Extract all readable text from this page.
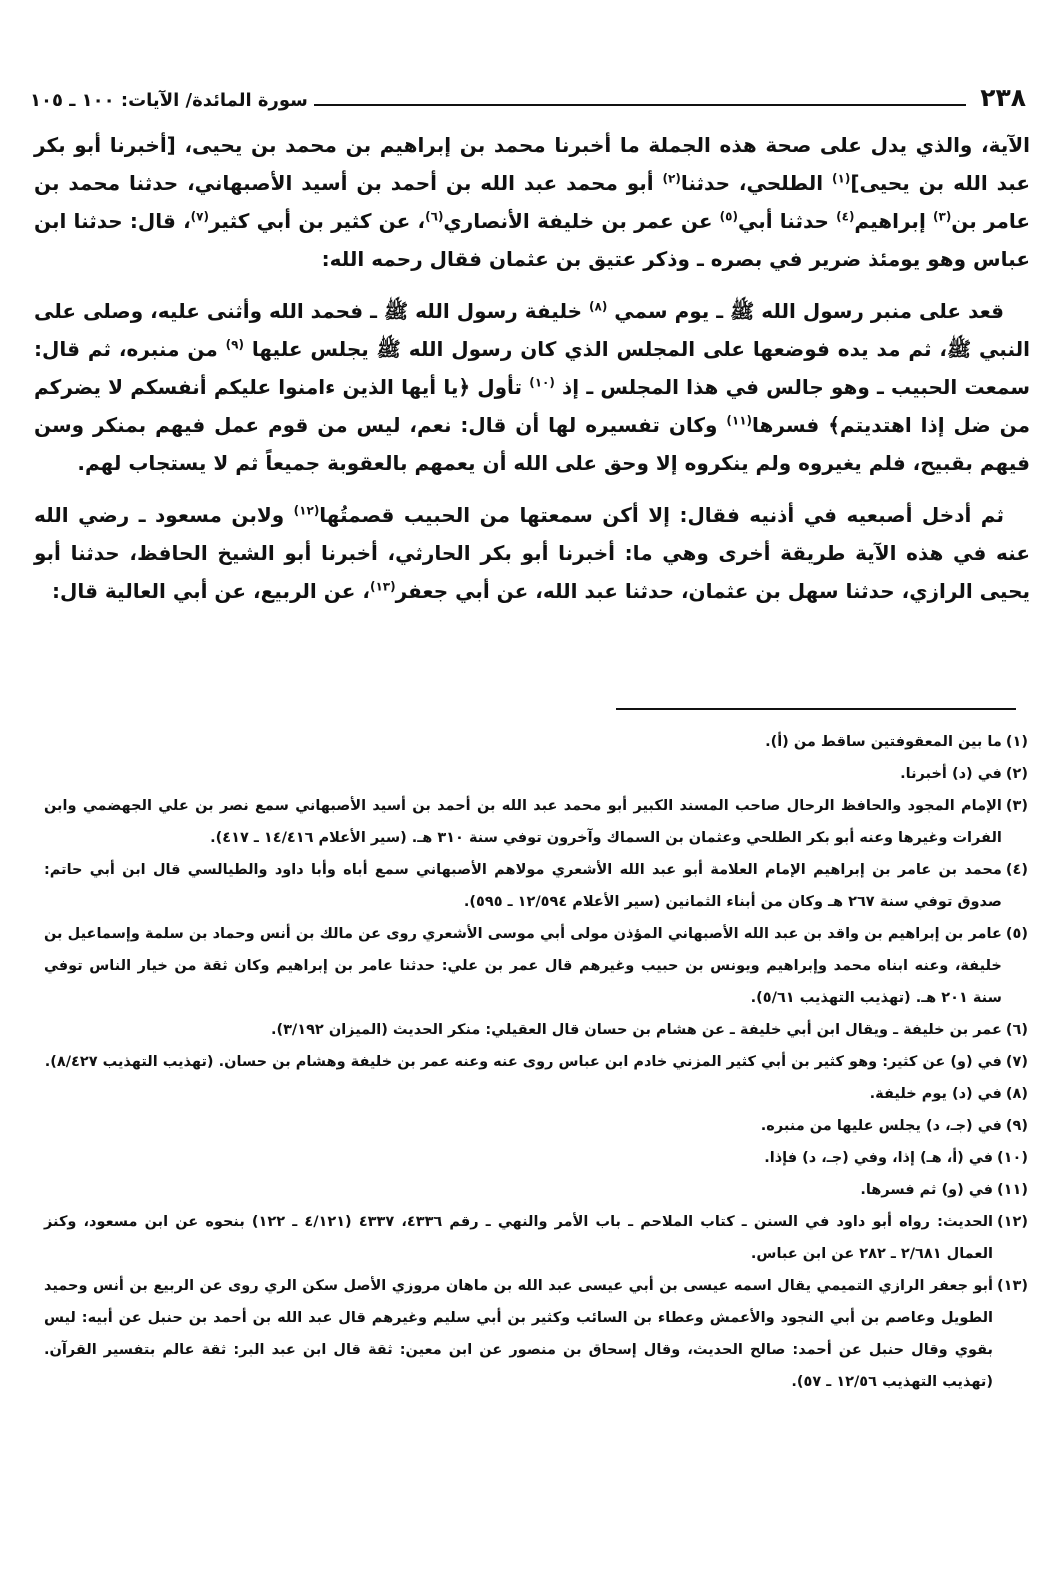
٢٣٨
سورة المائدة/ الآيات: ١٠٠ ـ ١٠٥

الآية، والذي يدل على صحة هذه الجملة ما أخبرنا محمد بن إبراهيم بن محمد بن يحيى، [أخبرنا أبو بكر عبد الله بن يحيى]$^{(١)}$ الطلحي، حدثنا$^{(٢)}$ أبو محمد عبد الله بن أحمد بن أسيد الأصبهاني، حدثنا محمد بن عامر بن$^{(٣)}$ إبراهيم$^{(٤)}$ حدثنا أبي$^{(٥)}$ عن عمر بن خليفة الأنصاري$^{(٦)}$، عن كثير بن أبي كثير$^{(٧)}$، قال: حدثنا ابن عباس وهو يومئذ ضرير في بصره ـ وذكر عتيق بن عثمان فقال رحمه الله:

قعد على منبر رسول الله ﷺ ـ يوم سمي $^{(٨)}$ خليفة رسول الله ﷺ ـ فحمد الله وأثنى عليه، وصلى على النبي ﷺ، ثم مد يده فوضعها على المجلس الذي كان رسول الله ﷺ يجلس عليها $^{(٩)}$ من منبره، ثم قال: سمعت الحبيب ـ وهو جالس في هذا المجلس ـ إذ $^{(١٠)}$ تأول ﴿يا أيها الذين ءامنوا عليكم أنفسكم لا يضركم من ضل إذا اهتديتم﴾ فسرها$^{(١١)}$ وكان تفسيره لها أن قال: نعم، ليس من قوم عمل فيهم بمنكر وسن فيهم بقبيح، فلم يغيروه ولم ينكروه إلا وحق على الله أن يعمهم بالعقوبة جميعاً ثم لا يستجاب لهم.

ثم أدخل أصبعيه في أذنيه فقال: إلا أكن سمعتها من الحبيب قصمتُها$^{(١٢)}$ ولابن مسعود ـ رضي الله عنه في هذه الآية طريقة أخرى وهي ما: أخبرنا أبو بكر الحارثي، أخبرنا أبو الشيخ الحافظ، حدثنا أبو يحيى الرازي، حدثنا سهل بن عثمان، حدثنا عبد الله، عن أبي جعفر$^{(١٣)}$، عن الربيع، عن أبي العالية قال:

(١)
ما بين المعقوفتين ساقط من (أ).
(٢)
في (د) أخبرنا.
(٣)
الإمام المجود والحافظ الرحال صاحب المسند الكبير أبو محمد عبد الله بن أحمد بن أسيد الأصبهاني سمع نصر بن علي الجهضمي وابن الفرات وغيرها وعنه أبو بكر الطلحي وعثمان بن السماك وآخرون توفي سنة ٣١٠ هـ. (سير الأعلام ١٤/٤١٦ ـ ٤١٧).
(٤)
محمد بن عامر بن إبراهيم الإمام العلامة أبو عبد الله الأشعري مولاهم الأصبهاني سمع أباه وأبا داود والطيالسي قال ابن أبي حاتم: صدوق توفي سنة ٢٦٧ هـ وكان من أبناء الثمانين (سير الأعلام ١٢/٥٩٤ ـ ٥٩٥).
(٥)
عامر بن إبراهيم بن واقد بن عبد الله الأصبهاني المؤذن مولى أبي موسى الأشعري روى عن مالك بن أنس وحماد بن سلمة وإسماعيل بن خليفة، وعنه ابناه محمد وإبراهيم ويونس بن حبيب وغيرهم قال عمر بن علي: حدثنا عامر بن إبراهيم وكان ثقة من خيار الناس توفي سنة ٢٠١ هـ. (تهذيب التهذيب ٥/٦١).
(٦)
عمر بن خليفة ـ ويقال ابن أبي خليفة ـ عن هشام بن حسان قال العقيلي: منكر الحديث (الميزان ٣/١٩٢).
(٧)
في (و) عن كثير: وهو كثير بن أبي كثير المزني خادم ابن عباس روى عنه وعنه عمر بن خليفة وهشام بن حسان. (تهذيب التهذيب ٨/٤٢٧).
(٨)
في (د) يوم خليفة.
(٩)
في (جـ، د) يجلس عليها من منبره.
(١٠)
في (أ، هـ) إذا، وفي (جـ، د) فإذا.
(١١)
في (و) ثم فسرها.
(١٢)
الحديث: رواه أبو داود في السنن ـ كتاب الملاحم ـ باب الأمر والنهي ـ رقم ٤٣٣٦، ٤٣٣٧ (٤/١٢١ ـ ١٢٢) بنحوه عن ابن مسعود، وكنز العمال ٢/٦٨١ ـ ٢٨٢ عن ابن عباس.
(١٣)
أبو جعفر الرازي التميمي يقال اسمه عيسى بن أبي عيسى عبد الله بن ماهان مروزي الأصل سكن الري روى عن الربيع بن أنس وحميد الطويل وعاصم بن أبي النجود والأعمش وعطاء بن السائب وكثير بن أبي سليم وغيرهم قال عبد الله بن أحمد بن حنبل عن أبيه: ليس بقوي وقال حنبل عن أحمد: صالح الحديث، وقال إسحاق بن منصور عن ابن معين: ثقة قال ابن عبد البر: ثقة عالم بتفسير القرآن. (تهذيب التهذيب ١٢/٥٦ ـ ٥٧).
